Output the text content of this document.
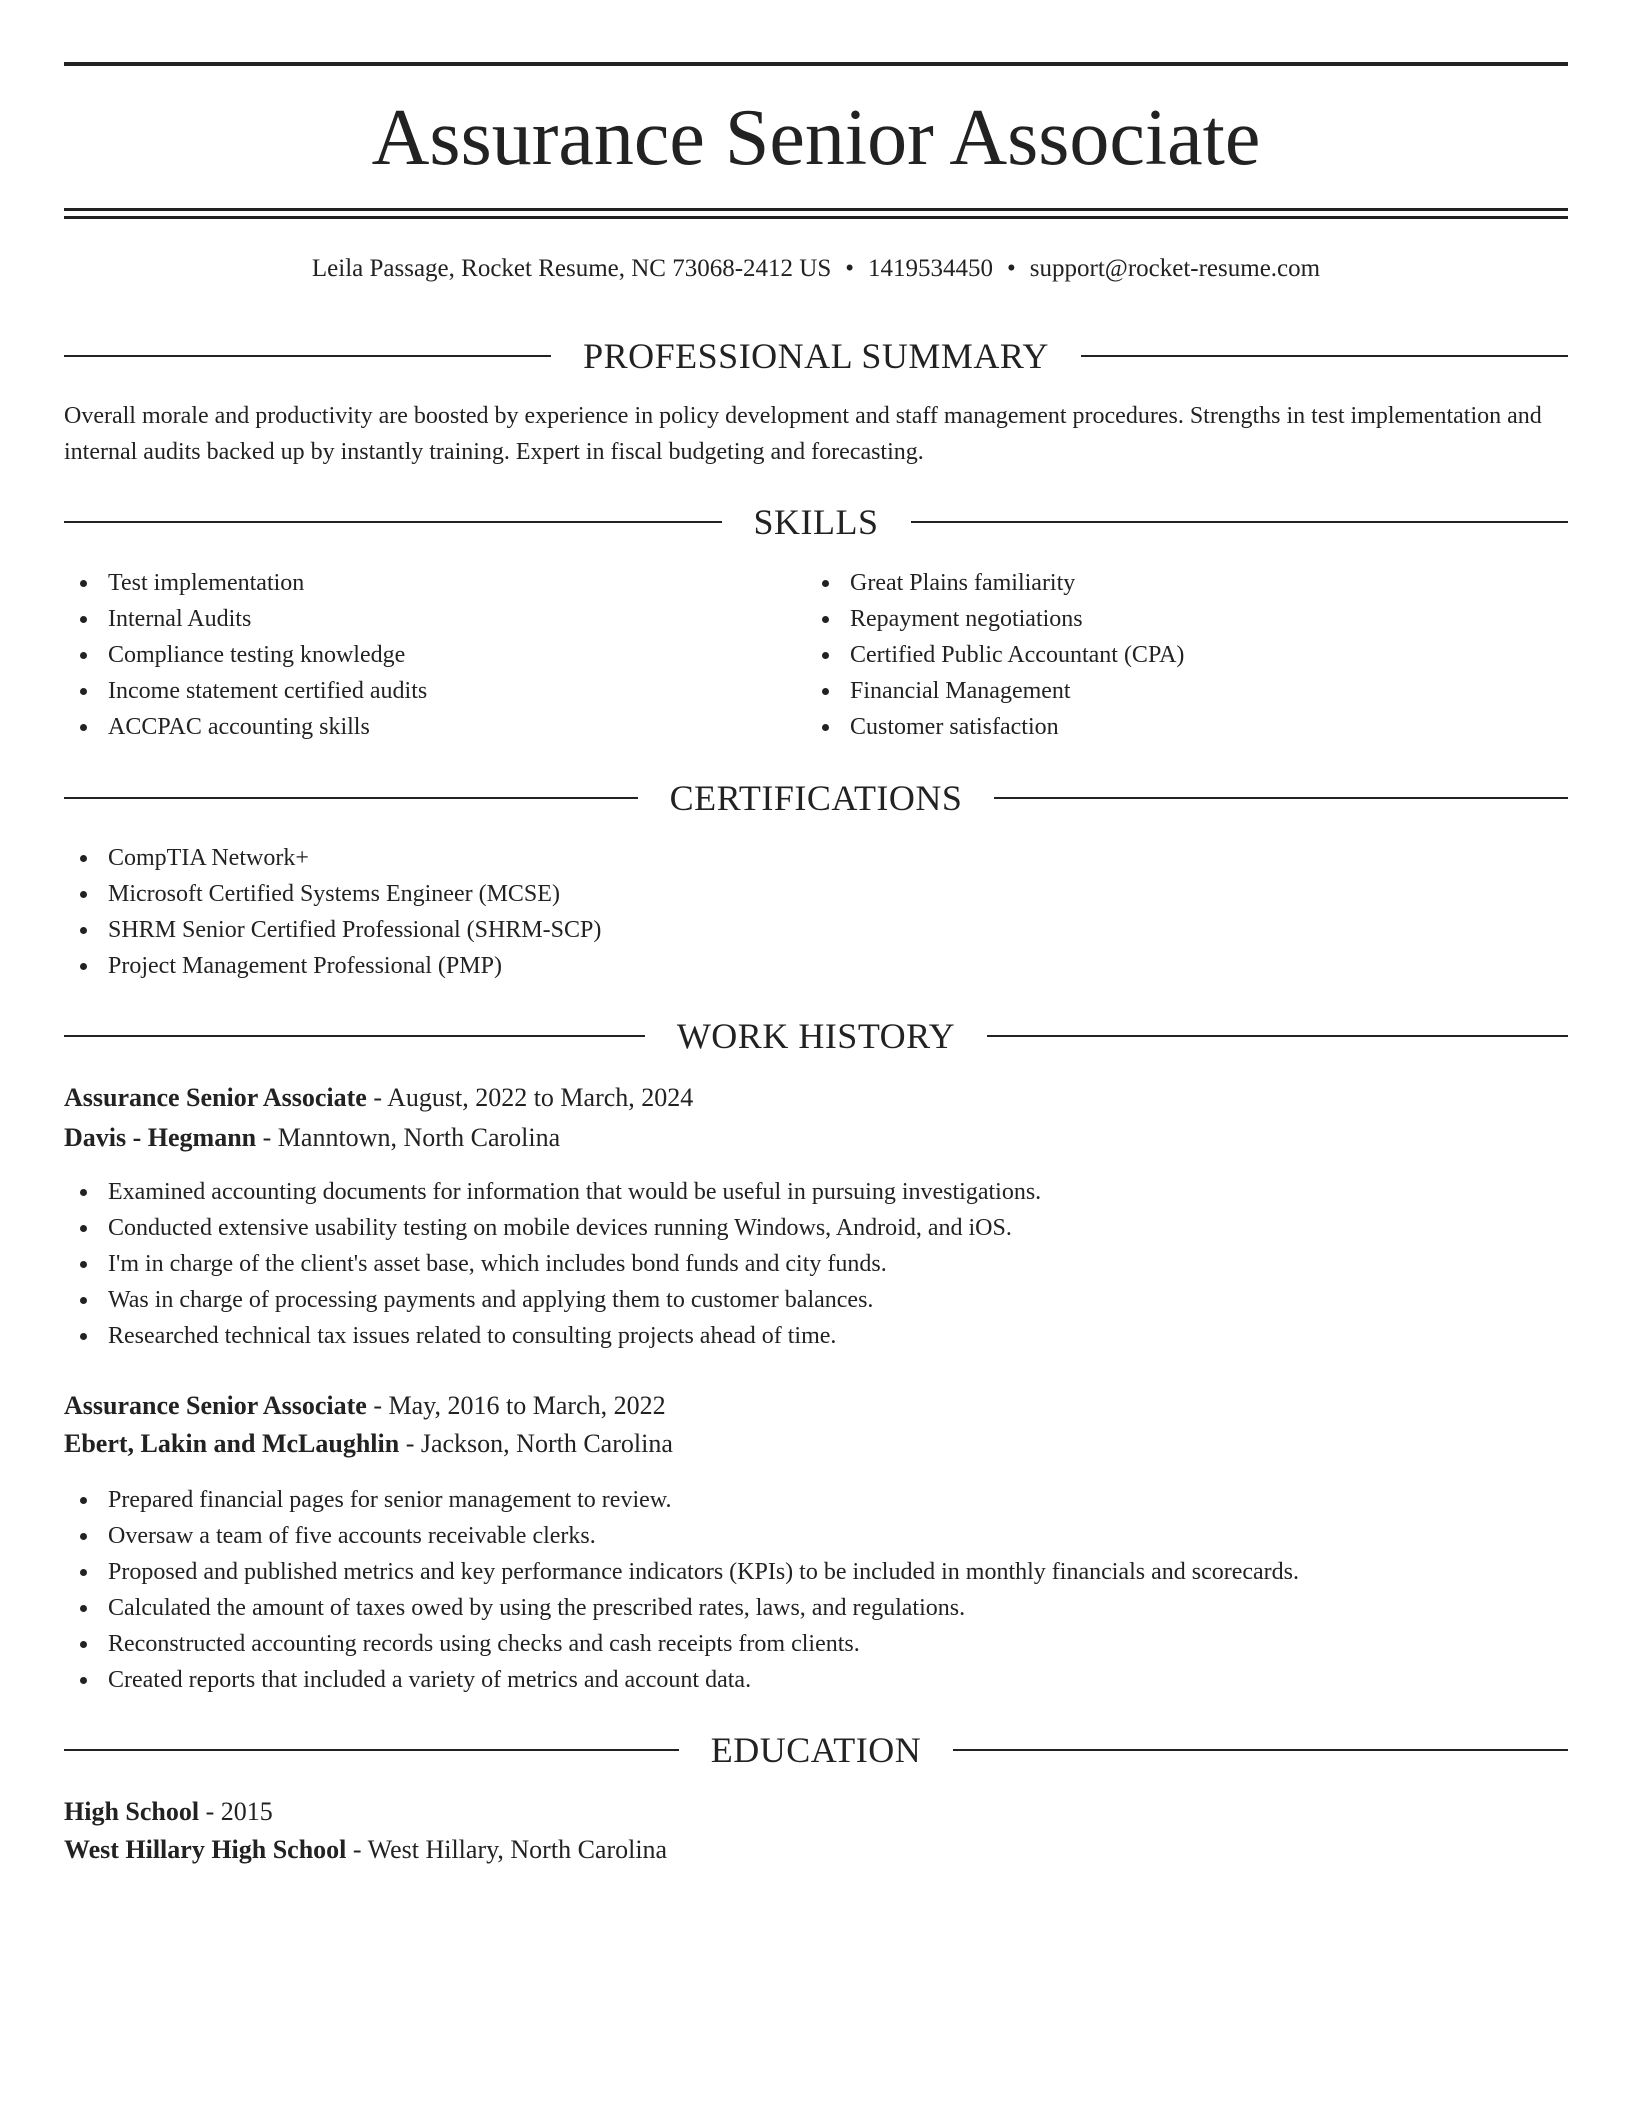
Assurance Senior Associate
Leila Passage, Rocket Resume, NC 73068-2412 US • 1419534450 • support@rocket-resume.com
PROFESSIONAL SUMMARY
Overall morale and productivity are boosted by experience in policy development and staff management procedures. Strengths in test implementation and internal audits backed up by instantly training. Expert in fiscal budgeting and forecasting.
SKILLS
Test implementation
Internal Audits
Compliance testing knowledge
Income statement certified audits
ACCPAC accounting skills
Great Plains familiarity
Repayment negotiations
Certified Public Accountant (CPA)
Financial Management
Customer satisfaction
CERTIFICATIONS
CompTIA Network+
Microsoft Certified Systems Engineer (MCSE)
SHRM Senior Certified Professional (SHRM-SCP)
Project Management Professional (PMP)
WORK HISTORY
Assurance Senior Associate - August, 2022 to March, 2024
Davis - Hegmann - Manntown, North Carolina
Examined accounting documents for information that would be useful in pursuing investigations.
Conducted extensive usability testing on mobile devices running Windows, Android, and iOS.
I'm in charge of the client's asset base, which includes bond funds and city funds.
Was in charge of processing payments and applying them to customer balances.
Researched technical tax issues related to consulting projects ahead of time.
Assurance Senior Associate - May, 2016 to March, 2022
Ebert, Lakin and McLaughlin - Jackson, North Carolina
Prepared financial pages for senior management to review.
Oversaw a team of five accounts receivable clerks.
Proposed and published metrics and key performance indicators (KPIs) to be included in monthly financials and scorecards.
Calculated the amount of taxes owed by using the prescribed rates, laws, and regulations.
Reconstructed accounting records using checks and cash receipts from clients.
Created reports that included a variety of metrics and account data.
EDUCATION
High School - 2015
West Hillary High School - West Hillary, North Carolina
